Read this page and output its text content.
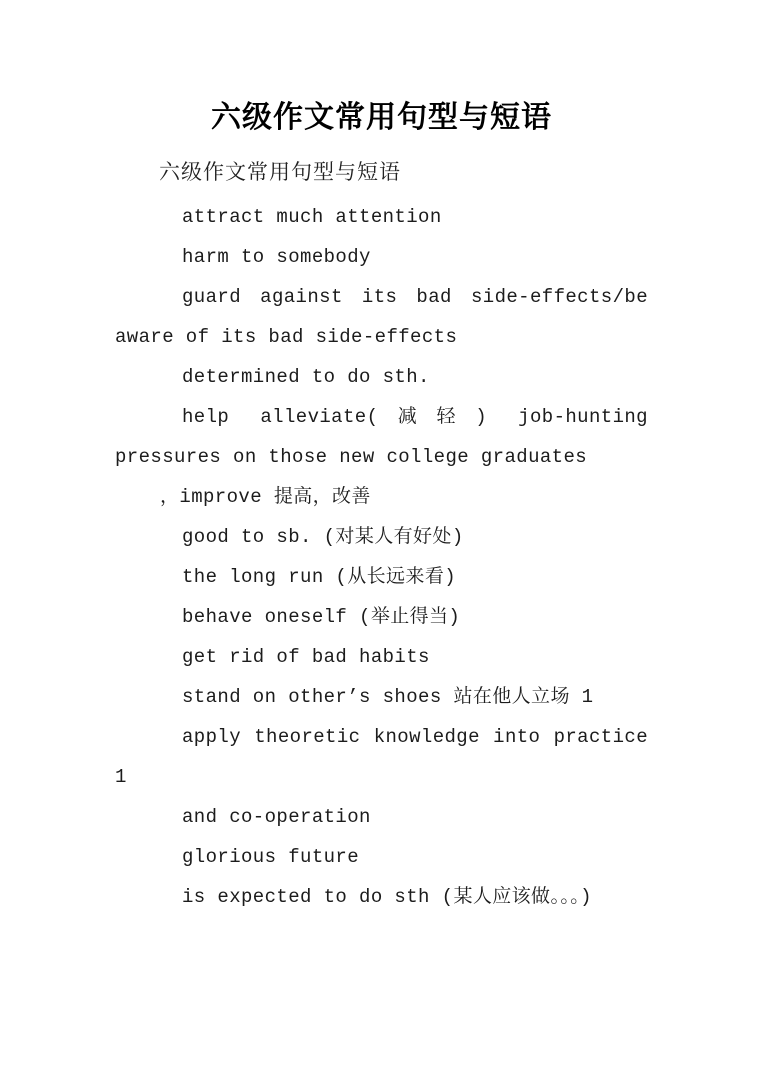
六级作文常用句型与短语

六级作文常用句型与短语

attract much attention
harm to somebody
guard against its bad side-effects/be
aware of its bad side-effects
determined to do sth.
help alleviate(减轻) job-hunting
pressures on those new college graduates
，improve 提高，改善
good to sb. (对某人有好处)
the long run (从长远来看)
behave oneself (举止得当)
get rid of bad habits
stand on other’s shoes 站在他人立场 1
apply theoretic knowledge into practice
1
and co-operation
glorious future
is expected to do sth (某人应该做。。。)
